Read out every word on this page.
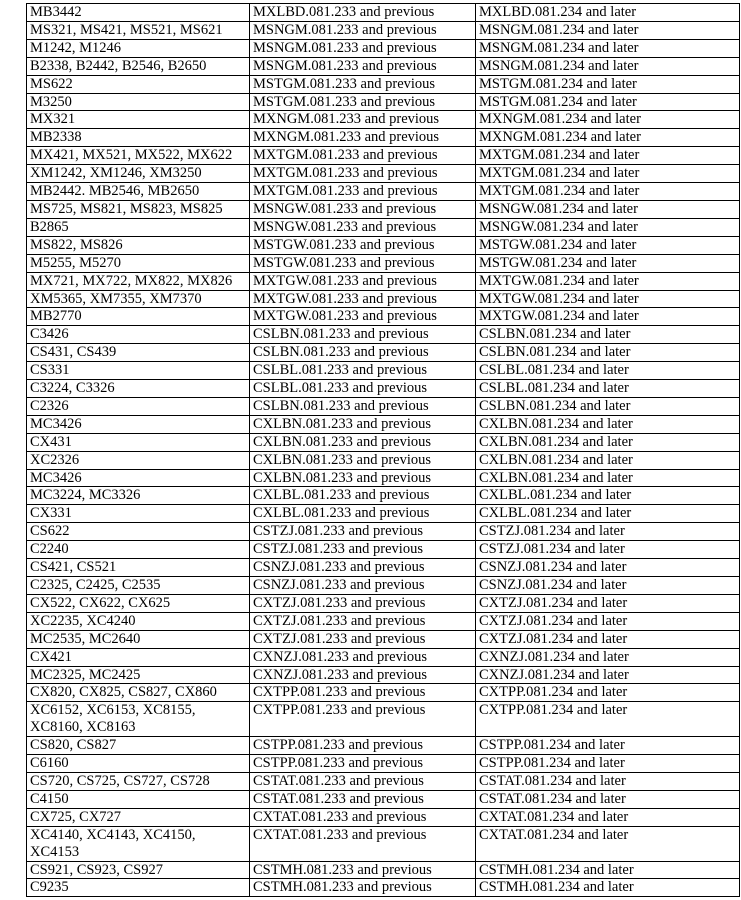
MB3442	MXLBD.081.233 and previous	MXLBD.081.234 and later
MS321, MS421, MS521, MS621	MSNGM.081.233 and previous	MSNGM.081.234 and later
M1242, M1246	MSNGM.081.233 and previous	MSNGM.081.234 and later
B2338, B2442, B2546, B2650	MSNGM.081.233 and previous	MSNGM.081.234 and later
MS622	MSTGM.081.233 and previous	MSTGM.081.234 and later
M3250	MSTGM.081.233 and previous	MSTGM.081.234 and later
MX321	MXNGM.081.233 and previous	MXNGM.081.234 and later
MB2338	MXNGM.081.233 and previous	MXNGM.081.234 and later
MX421, MX521, MX522, MX622	MXTGM.081.233 and previous	MXTGM.081.234 and later
XM1242, XM1246, XM3250	MXTGM.081.233 and previous	MXTGM.081.234 and later
MB2442. MB2546, MB2650	MXTGM.081.233 and previous	MXTGM.081.234 and later
MS725, MS821, MS823, MS825	MSNGW.081.233 and previous	MSNGW.081.234 and later
B2865	MSNGW.081.233 and previous	MSNGW.081.234 and later
MS822, MS826	MSTGW.081.233 and previous	MSTGW.081.234 and later
M5255, M5270	MSTGW.081.233 and previous	MSTGW.081.234 and later
MX721, MX722, MX822, MX826	MXTGW.081.233 and previous	MXTGW.081.234 and later
XM5365, XM7355, XM7370	MXTGW.081.233 and previous	MXTGW.081.234 and later
MB2770	MXTGW.081.233 and previous	MXTGW.081.234 and later
C3426	CSLBN.081.233 and previous	CSLBN.081.234 and later
CS431, CS439	CSLBN.081.233 and previous	CSLBN.081.234 and later
CS331	CSLBL.081.233 and previous	CSLBL.081.234 and later
C3224, C3326	CSLBL.081.233 and previous	CSLBL.081.234 and later
C2326	CSLBN.081.233 and previous	CSLBN.081.234 and later
MC3426	CXLBN.081.233 and previous	CXLBN.081.234 and later
CX431	CXLBN.081.233 and previous	CXLBN.081.234 and later
XC2326	CXLBN.081.233 and previous	CXLBN.081.234 and later
MC3426	CXLBN.081.233 and previous	CXLBN.081.234 and later
MC3224, MC3326	CXLBL.081.233 and previous	CXLBL.081.234 and later
CX331	CXLBL.081.233 and previous	CXLBL.081.234 and later
CS622	CSTZJ.081.233 and previous	CSTZJ.081.234 and later
C2240	CSTZJ.081.233 and previous	CSTZJ.081.234 and later
CS421, CS521	CSNZJ.081.233 and previous	CSNZJ.081.234 and later
C2325, C2425, C2535	CSNZJ.081.233 and previous	CSNZJ.081.234 and later
CX522, CX622, CX625	CXTZJ.081.233 and previous	CXTZJ.081.234 and later
XC2235, XC4240	CXTZJ.081.233 and previous	CXTZJ.081.234 and later
MC2535, MC2640	CXTZJ.081.233 and previous	CXTZJ.081.234 and later
CX421	CXNZJ.081.233 and previous	CXNZJ.081.234 and later
MC2325, MC2425	CXNZJ.081.233 and previous	CXNZJ.081.234 and later
CX820, CX825, CS827, CX860	CXTPP.081.233 and previous	CXTPP.081.234 and later
XC6152, XC6153, XC8155, XC8160, XC8163	CXTPP.081.233 and previous	CXTPP.081.234 and later
CS820, CS827	CSTPP.081.233 and previous	CSTPP.081.234 and later
C6160	CSTPP.081.233 and previous	CSTPP.081.234 and later
CS720, CS725, CS727, CS728	CSTAT.081.233 and previous	CSTAT.081.234 and later
C4150	CSTAT.081.233 and previous	CSTAT.081.234 and later
CX725, CX727	CXTAT.081.233 and previous	CXTAT.081.234 and later
XC4140, XC4143, XC4150, XC4153	CXTAT.081.233 and previous	CXTAT.081.234 and later
CS921, CS923, CS927	CSTMH.081.233 and previous	CSTMH.081.234 and later
C9235	CSTMH.081.233 and previous	CSTMH.081.234 and later
